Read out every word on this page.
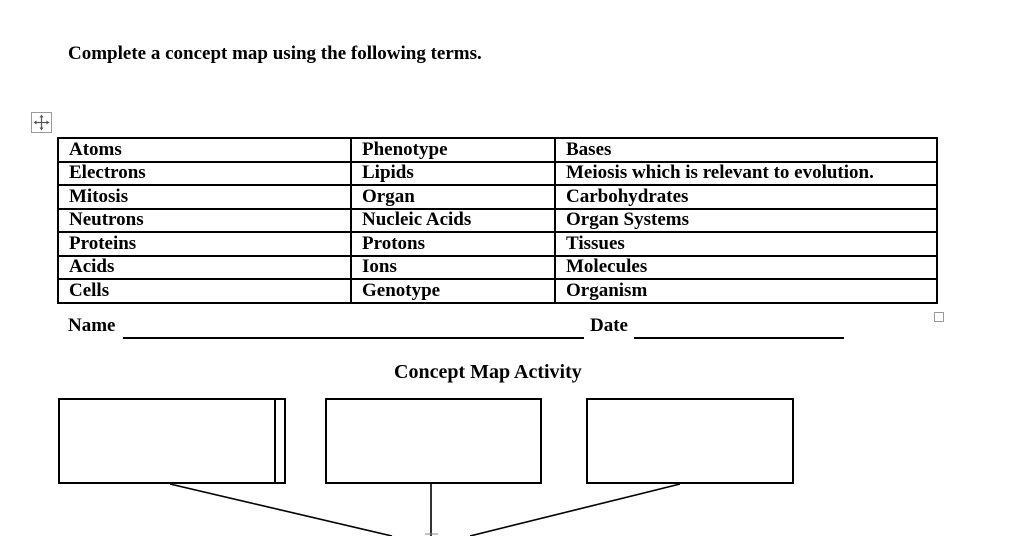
Complete a concept map using the following terms.
Atoms	Phenotype	Bases
Electrons	Lipids	Meiosis which is relevant to evolution.
Mitosis	Organ	Carbohydrates
Neutrons	Nucleic Acids	Organ Systems
Proteins	Protons	Tissues
Acids	Ions	Molecules
Cells	Genotype	Organism
Name	Date
Concept Map Activity
